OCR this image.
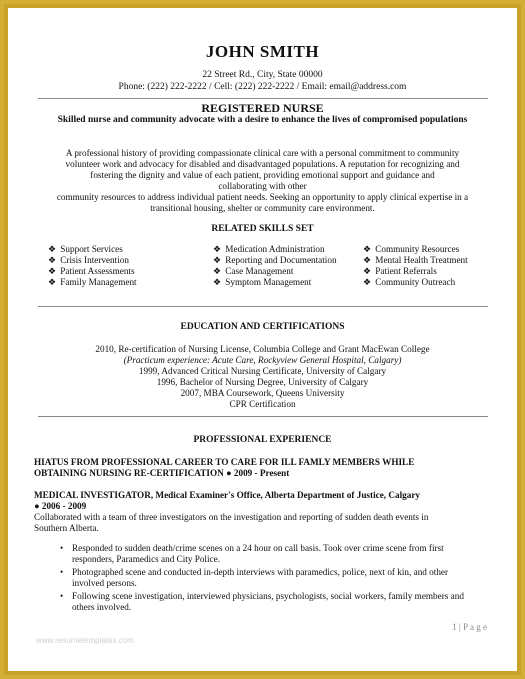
JOHN SMITH
22 Street Rd., City, State 00000
Phone: (222) 222-2222 / Cell: (222) 222-2222 / Email: email@address.com
REGISTERED NURSE
Skilled nurse and community advocate with a desire to enhance the lives of compromised populations
A professional history of providing compassionate clinical care with a personal commitment to community
volunteer work and advocacy for disabled and disadvantaged populations. A reputation for recognizing and
fostering the dignity and value of each patient, providing emotional support and guidance and
collaborating with other
community resources to address individual patient needs. Seeking an opportunity to apply clinical expertise in a
transitional housing, shelter or community care environment.
RELATED SKILLS SET
❖ Support Services
❖ Crisis Intervention
❖ Patient Assessments
❖ Family Management
❖ Medication Administration
❖ Reporting and Documentation
❖ Case Management
❖ Symptom Management
❖ Community Resources
❖ Mental Health Treatment
❖ Patient Referrals
❖ Community Outreach
EDUCATION AND CERTIFICATIONS
2010, Re-certification of Nursing License, Columbia College and Grant MacEwan College
(Practicum experience: Acute Care, Rockyview General Hospital, Calgary)
1999, Advanced Critical Nursing Certificate, University of Calgary
1996, Bachelor of Nursing Degree, University of Calgary
2007, MBA Coursework, Queens University
CPR Certification
PROFESSIONAL EXPERIENCE
HIATUS FROM PROFESSIONAL CAREER TO CARE FOR ILL FAMLY MEMBERS WHILE
OBTAINING NURSING RE-CERTIFICATION ● 2009 - Present
MEDICAL INVESTIGATOR, Medical Examiner's Office, Alberta Department of Justice, Calgary
● 2006 - 2009
Collaborated with a team of three investigators on the investigation and reporting of sudden death events in
Southern Alberta.
• Responded to sudden death/crime scenes on a 24 hour on call basis. Took over crime scene from first
responders, Paramedics and City Police.
• Photographed scene and conducted in-depth interviews with paramedics, police, next of kin, and other
involved persons.
• Following scene investigation, interviewed physicians, psychologists, social workers, family members and
others involved.
1 | P a g e
www.resumetemplates.com
